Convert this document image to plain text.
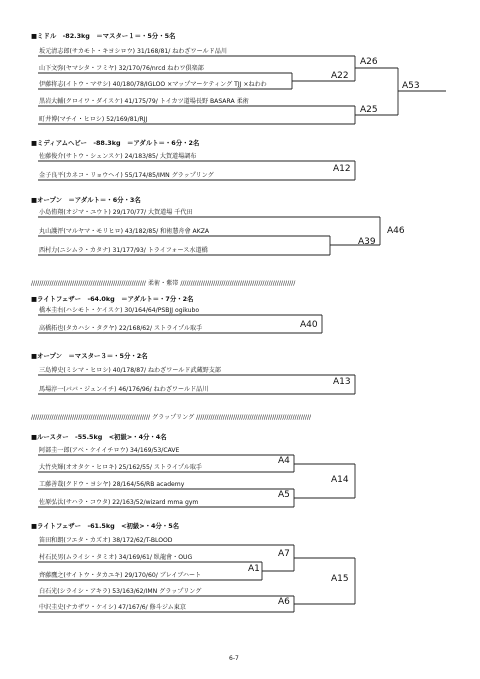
■ミドル　-82.3kg　＝マスター１＝・5分・5名
坂元清志郎(サカモト・キヨシロウ) 31/168/81/ ねわざワールド品川
山下文弥(ヤマシタ・フミヤ) 32/170/76/nrcd ねわワ倶楽部
伊藤将志(イトウ・マサシ) 40/180/78/IGLOO ×マップマーケティング TJJ ×ねわわ
黒岩大輔(クロイワ・ダイスケ) 41/175/79/ トイカツ道場長野 BASARA 柔術
町井博(マチイ・ヒロシ) 52/169/81/RJJ
A22
A26
A25
A53
■ミディアムヘビー　-88.3kg　＝アダルト＝・6分・2名
佐藤俊介(サトウ・シュンスケ) 24/183/85/ 大賀道場調布
金子良平(カネコ・リョウヘイ) 55/174/85/IMN グラップリング
A12
■オープン　＝アダルト＝・6分・3名
小島侑翔(オジマ・ユウト) 29/170/77/ 大賀道場 千代田
丸山護泙(マルヤマ・モリヒロ) 43/182/85/ 和術慧舟會 AKZA
西村力(ニシムラ・カタナ) 31/177/93/ トライフォース水道橋
A39
A46
//////////////////////////////////////////////////////// 柔術・紫帯 ////////////////////////////////////////////////////////
■ライトフェザー　-64.0kg　＝アダルト＝・7分・2名
橋本圭右(ハシモト・ケイスケ) 30/164/64/PSBJJ ogikubo
高橋拓也(タカハシ・タクヤ) 22/168/62/ ストライプル取手	A40
■オープン　＝マスター３＝・5分・2名
三島博史(ミシマ・ヒロシ) 40/178/87/ ねわざワールド武蔵野支部
馬場淳一(ババ・ジュンイチ) 46/176/96/ ねわざワールド品川
A13
////////////////////////////////////////////////////////// グラップリング ////////////////////////////////////////////////////////
■ルースター　-55.5kg　<初級>・4分・4名
阿部圭一郎(アベ・ケイイチロウ) 34/169/53/CAVE
大竹央輝(オオタケ・ヒロキ) 25/162/55/ ストライプル取手
工藤善哉(クドウ・ヨシヤ) 28/164/56/RB academy
佐原弘汰(サハラ・コウタ) 22/163/52/wizard mma gym
A4
A5
A14
■ライトフェザー　-61.5kg　<初級>・4分・5名
笛田和朗(フエタ・カズオ) 38/172/62/T-BLOOD
村石民男(ムライシ・タミオ) 34/169/61/ 臥龍會・OUG
齊藤鷹之(サイトウ・タカユキ) 29/170/60/ ブレイブハート
白石光(シライシ・アキラ) 53/163/62/IMN グラップリング
中沢圭史(ナカザワ・ケイシ) 47/167/6/ 修斗ジム東京
A1
A7
A6
A15
6-7
